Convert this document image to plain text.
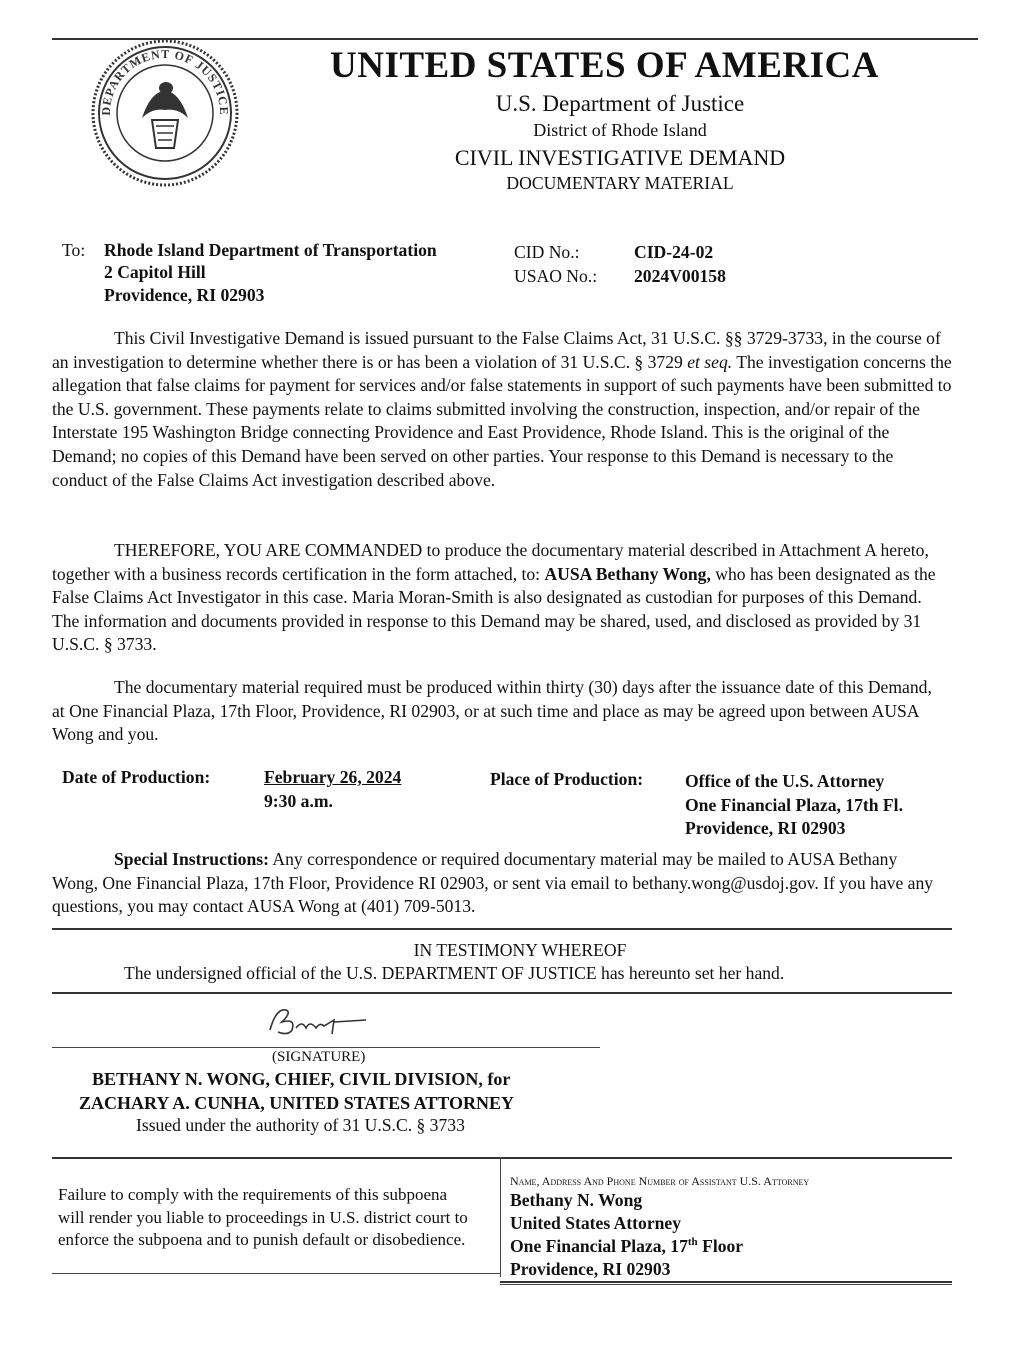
DEPARTMENT OF JUSTICE
UNITED STATES OF AMERICA
U.S. Department of Justice
District of Rhode Island
CIVIL INVESTIGATIVE DEMAND
DOCUMENTARY MATERIAL
To: Rhode Island Department of Transportation
2 Capitol Hill
Providence, RI 02903
CID No.:	CID-24-02
USAO No.: 2024V00158

This Civil Investigative Demand is issued pursuant to the False Claims Act, 31 U.S.C. §§ 3729-3733, in the course of an investigation to determine whether there is or has been a violation of 31 U.S.C. § 3729 et seq. The investigation concerns the allegation that false claims for payment for services and/or false statements in support of such payments have been submitted to the U.S. government. These payments relate to claims submitted involving the construction, inspection, and/or repair of the Interstate 195 Washington Bridge connecting Providence and East Providence, Rhode Island. This is the original of the Demand; no copies of this Demand have been served on other parties. Your response to this Demand is necessary to the conduct of the False Claims Act investigation described above.

THEREFORE, YOU ARE COMMANDED to produce the documentary material described in Attachment A hereto, together with a business records certification in the form attached, to: AUSA Bethany Wong, who has been designated as the False Claims Act Investigator in this case. Maria Moran-Smith is also designated as custodian for purposes of this Demand. The information and documents provided in response to this Demand may be shared, used, and disclosed as provided by 31 U.S.C. § 3733.

The documentary material required must be produced within thirty (30) days after the issuance date of this Demand, at One Financial Plaza, 17th Floor, Providence, RI 02903, or at such time and place as may be agreed upon between AUSA Wong and you.

Date of Production:	February 26, 2024
9:30 a.m.
Place of Production: Office of the U.S. Attorney
One Financial Plaza, 17th Fl.
Providence, RI 02903

Special Instructions: Any correspondence or required documentary material may be mailed to AUSA Bethany Wong, One Financial Plaza, 17th Floor, Providence RI 02903, or sent via email to bethany.wong@usdoj.gov. If you have any questions, you may contact AUSA Wong at (401) 709-5013.

IN TESTIMONY WHEREOF
The undersigned official of the U.S. DEPARTMENT OF JUSTICE has hereunto set her hand.
(SIGNATURE)
BETHANY N. WONG, CHIEF, CIVIL DIVISION, for
ZACHARY A. CUNHA, UNITED STATES ATTORNEY
Issued under the authority of 31 U.S.C. § 3733

Failure to comply with the requirements of this subpoena will render you liable to proceedings in U.S. district court to enforce the subpoena and to punish default or disobedience.

Name, Address And Phone Number of Assistant U.S. Attorney
Bethany N. Wong
United States Attorney
One Financial Plaza, 17th Floor
Providence, RI 02903
